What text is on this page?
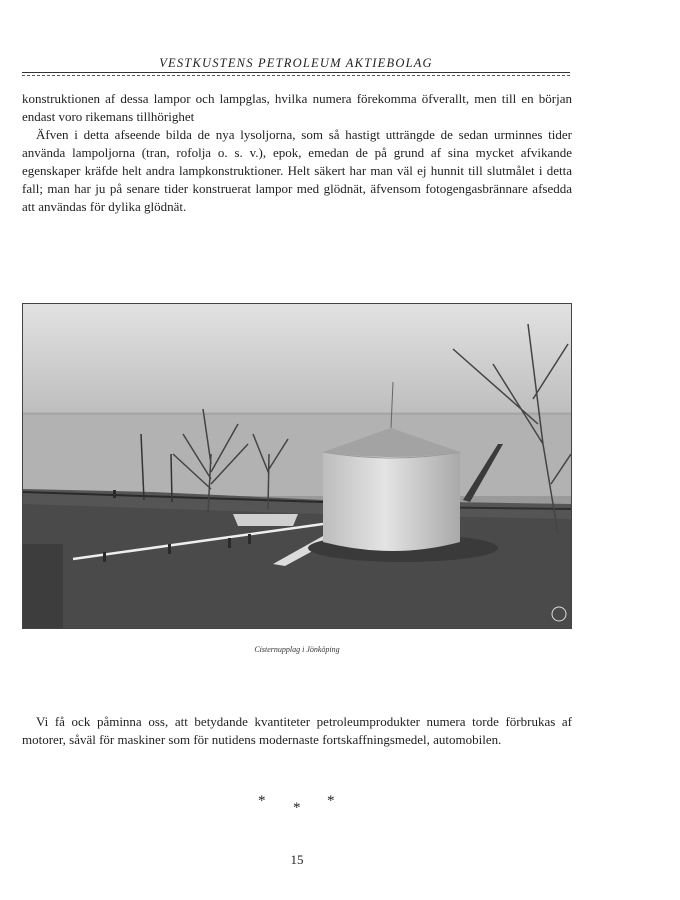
VESTKUSTENS PETROLEUM AKTIEBOLAG

konstruktionen af dessa lampor och lampglas, hvilka numera förekomma öfverallt, men till en början endast voro rikemans tillhörighet

Äfven i detta afseende bilda de nya lysoljorna, som så hastigt utträngde de sedan urminnes tider använda lampoljorna (tran, rofolja o. s. v.), epok, emedan de på grund af sina mycket afvikande egenskaper kräfde helt andra lampkonstruktioner. Helt säkert har man väl ej hunnit till slutmålet i detta fall; man har ju på senare tider konstruerat lampor med glödnät, äfvensom fotogengasbrännare afsedda att användas för dylika glödnät.

Cisternupplag i Jönköping

Vi få ock påminna oss, att betydande kvantiteter petroleumprodukter numera torde förbrukas af motorer, såväl för maskiner som för nutidens modernaste fortskaffningsmedel, automobilen.

* * *
15
